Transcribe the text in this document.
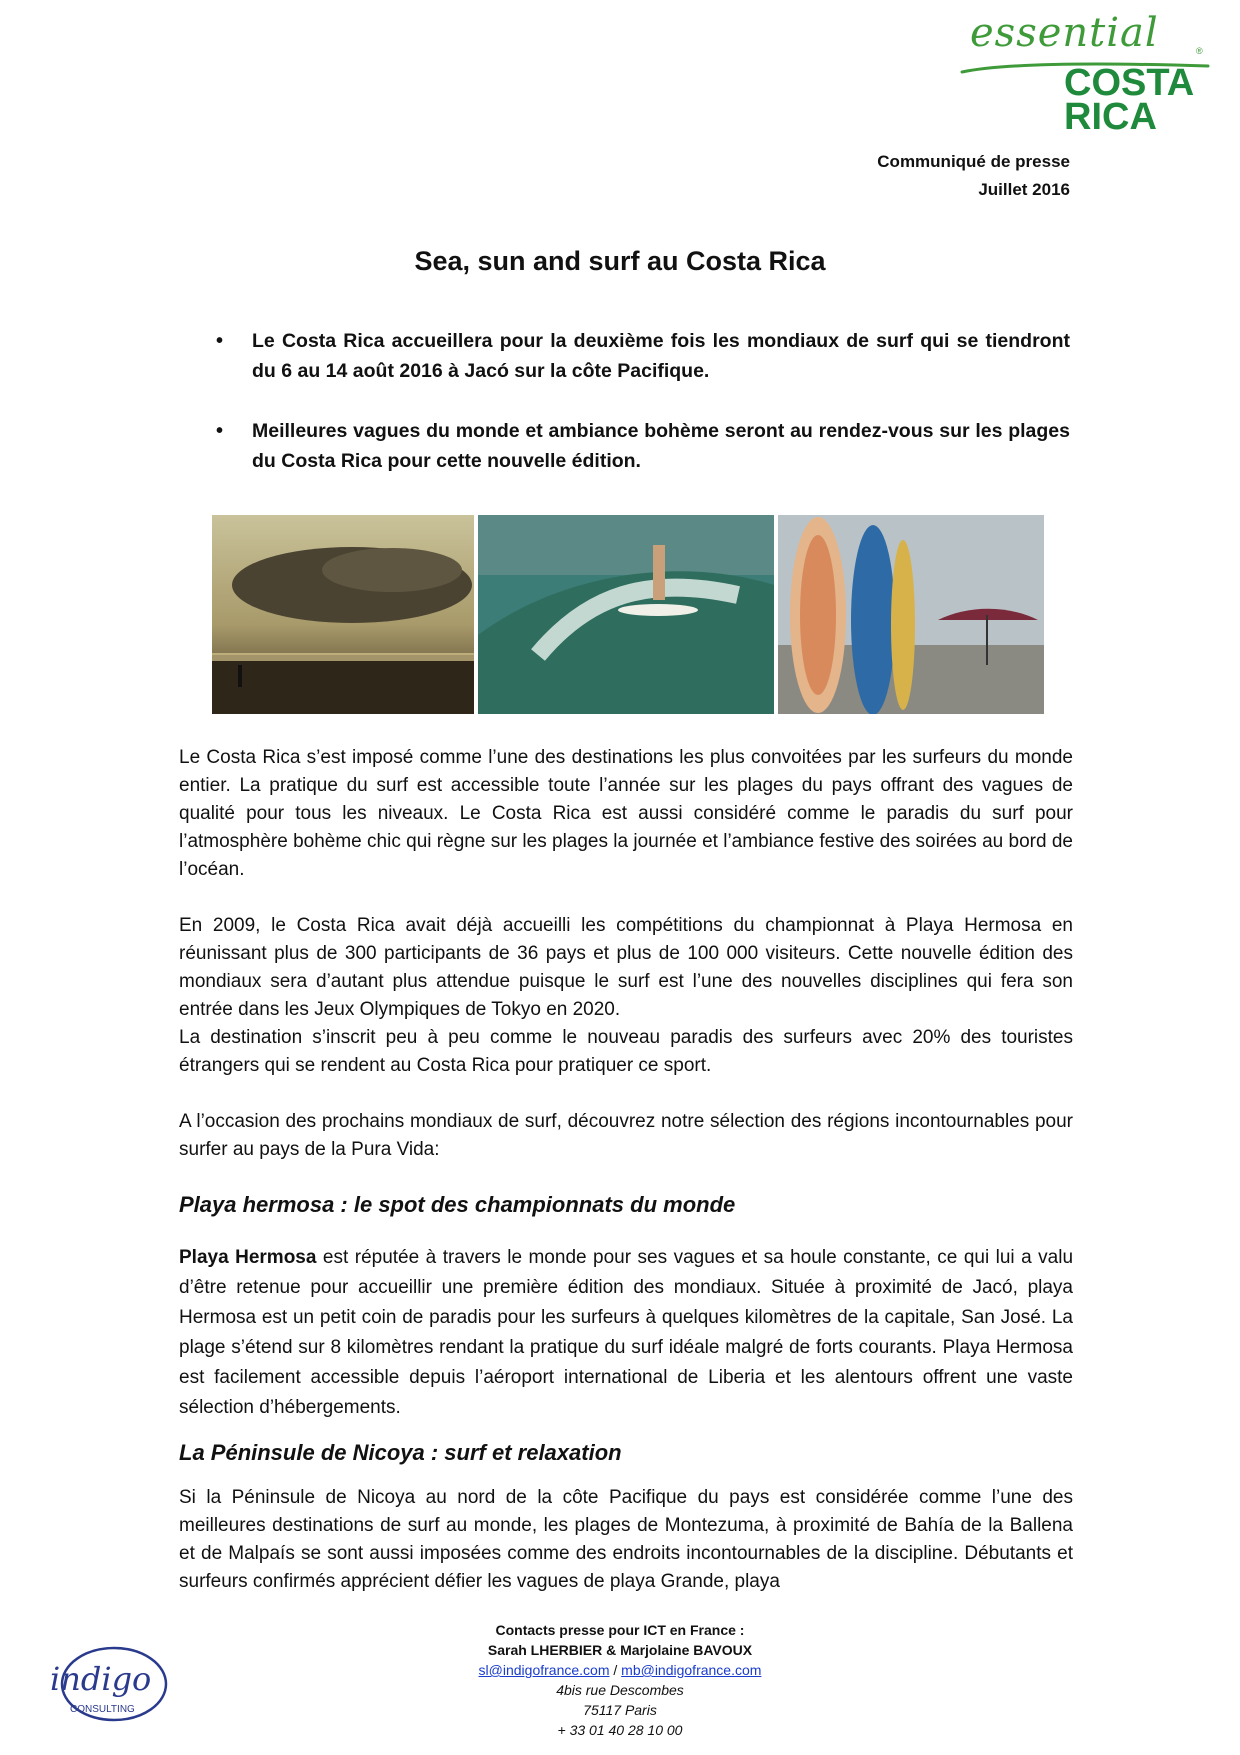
essential	®
COSTA
RICA
Communiqué de presse
Juillet 2016
Sea, sun and surf au Costa Rica
• Le Costa Rica accueillera pour la deuxième fois les mondiaux de surf qui se tiendront du 6 au 14 août 2016 à Jacó sur la côte Pacifique.
• Meilleures vagues du monde et ambiance bohème seront au rendez-vous sur les plages du Costa Rica pour cette nouvelle édition.

Le Costa Rica s’est imposé comme l’une des destinations les plus convoitées par les surfeurs du monde entier. La pratique du surf est accessible toute l’année sur les plages du pays offrant des vagues de qualité pour tous les niveaux. Le Costa Rica est aussi considéré comme le paradis du surf pour l’atmosphère bohème chic qui règne sur les plages la journée et l’ambiance festive des soirées au bord de l’océan.

En 2009, le Costa Rica avait déjà accueilli les compétitions du championnat à Playa Hermosa en réunissant plus de 300 participants de 36 pays et plus de 100 000 visiteurs. Cette nouvelle édition des mondiaux sera d’autant plus attendue puisque le surf est l’une des nouvelles disciplines qui fera son entrée dans les Jeux Olympiques de Tokyo en 2020.

La destination s’inscrit peu à peu comme le nouveau paradis des surfeurs avec 20% des touristes étrangers qui se rendent au Costa Rica pour pratiquer ce sport.

A l’occasion des prochains mondiaux de surf, découvrez notre sélection des régions incontournables pour surfer au pays de la Pura Vida:

Playa hermosa : le spot des championnats du monde

Playa Hermosa est réputée à travers le monde pour ses vagues et sa houle constante, ce qui lui a valu d’être retenue pour accueillir une première édition des mondiaux. Située à proximité de Jacó, playa Hermosa est un petit coin de paradis pour les surfeurs à quelques kilomètres de la capitale, San José. La plage s’étend sur 8 kilomètres rendant la pratique du surf idéale malgré de forts courants. Playa Hermosa est facilement accessible depuis l’aéroport international de Liberia et les alentours offrent une vaste sélection d’hébergements.

La Péninsule de Nicoya : surf et relaxation

Si la Péninsule de Nicoya au nord de la côte Pacifique du pays est considérée comme l’une des meilleures destinations de surf au monde, les plages de Montezuma, à proximité de Bahía de la Ballena et de Malpaís se sont aussi imposées comme des endroits incontournables de la discipline. Débutants et surfeurs confirmés apprécient défier les vagues de playa Grande, playa

indigo
CONSULTING
Contacts presse pour ICT en France :
Sarah LHERBIER & Marjolaine BAVOUX
sl@indigofrance.com / mb@indigofrance.com
4bis rue Descombes
75117 Paris
+ 33 01 40 28 10 00
